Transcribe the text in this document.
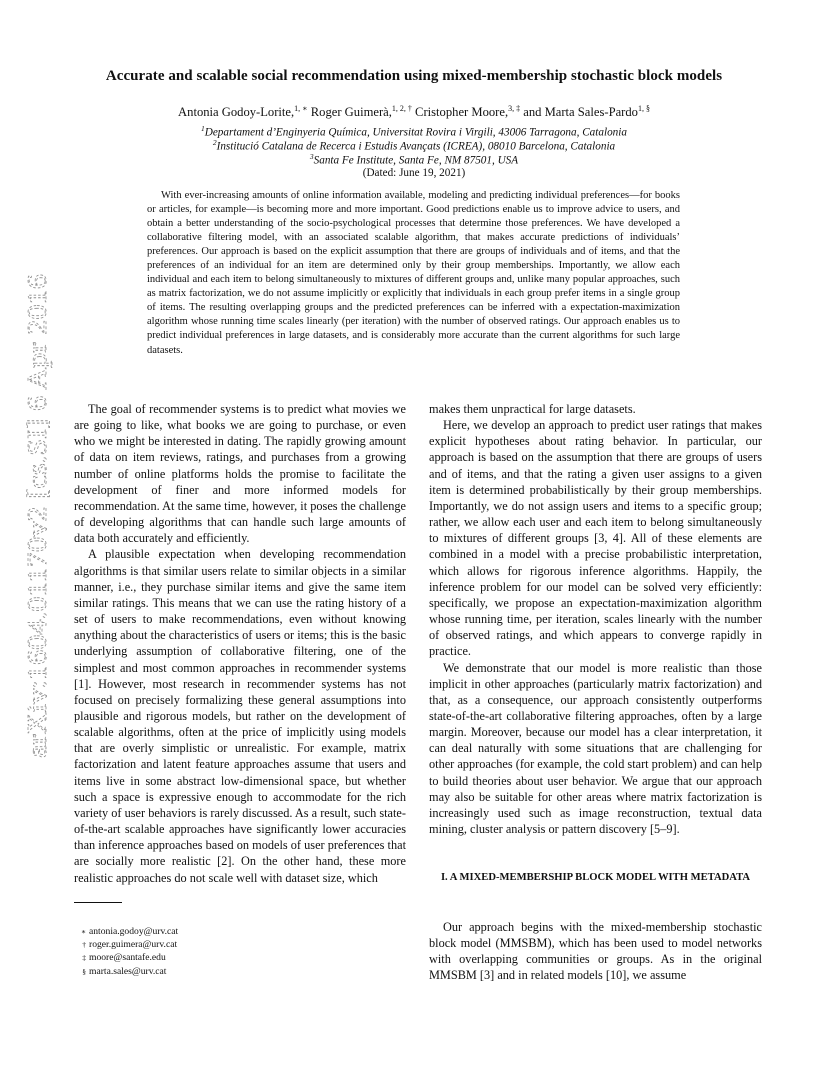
arXiv:1604.01170v2 [cs.SI] 6 Apr 2016
Accurate and scalable social recommendation using mixed-membership stochastic block models
Antonia Godoy-Lorite,$^{1, ∗}$ Roger Guimerà,$^{1, 2, \dagger}$ Cristopher Moore,$^{3, \ddagger}$ and Marta Sales-Pardo$^{1, \S}$
$^1$Departament d’Enginyeria Química, Universitat Rovira i Virgili, 43006 Tarragona, Catalonia
$^2$Institució Catalana de Recerca i Estudis Avançats (ICREA), 08010 Barcelona, Catalonia
$^3$Santa Fe Institute, Santa Fe, NM 87501, USA
(Dated: June 19, 2021)

With ever-increasing amounts of online information available, modeling and predicting individual preferences—for books or articles, for example—is becoming more and more important. Good predictions enable us to improve advice to users, and obtain a better understanding of the socio-psychological processes that determine those preferences. We have developed a collaborative filtering model, with an associated scalable algorithm, that makes accurate predictions of individuals’ preferences. Our approach is based on the explicit assumption that there are groups of individuals and of items, and that the preferences of an individual for an item are determined only by their group memberships. Importantly, we allow each individual and each item to belong simultaneously to mixtures of different groups and, unlike many popular approaches, such as matrix factorization, we do not assume implicitly or explicitly that individuals in each group prefer items in a single group of items. The resulting overlapping groups and the predicted preferences can be inferred with a expectation-maximization algorithm whose running time scales linearly (per iteration) with the number of observed ratings. Our approach enables us to predict individual preferences in large datasets, and is considerably more accurate than the current algorithms for such large datasets.

The goal of recommender systems is to predict what movies we are going to like, what books we are going to purchase, or even who we might be interested in dating. The rapidly growing amount of data on item reviews, ratings, and purchases from a growing number of online platforms holds the promise to facilitate the development of finer and more informed models for recommendation. At the same time, however, it poses the challenge of developing algorithms that can handle such large amounts of data both accurately and efficiently.

A plausible expectation when developing recommendation algorithms is that similar users relate to similar objects in a similar manner, i.e., they purchase similar items and give the same item similar ratings. This means that we can use the rating history of a set of users to make recommendations, even without knowing anything about the characteristics of users or items; this is the basic underlying assumption of collaborative filtering, one of the simplest and most common approaches in recommender systems [1]. However, most research in recommender systems has not focused on precisely formalizing these general assumptions into plausible and rigorous models, but rather on the development of scalable algorithms, often at the price of implicitly using models that are overly simplistic or unrealistic. For example, matrix factorization and latent feature approaches assume that users and items live in some abstract low-dimensional space, but whether such a space is expressive enough to accommodate for the rich variety of user behaviors is rarely discussed. As a result, such state-of-the-art scalable approaches have significantly lower accuracies than inference approaches based on models of user preferences that are socially more realistic [2]. On the other hand, these more realistic approaches do not scale well with dataset size, which

makes them unpractical for large datasets.

Here, we develop an approach to predict user ratings that makes explicit hypotheses about rating behavior. In particular, our approach is based on the assumption that there are groups of users and of items, and that the rating a given user assigns to a given item is determined probabilistically by their group memberships. Importantly, we do not assign users and items to a specific group; rather, we allow each user and each item to belong simultaneously to mixtures of different groups [3, 4]. All of these elements are combined in a model with a precise probabilistic interpretation, which allows for rigorous inference algorithms. Happily, the inference problem for our model can be solved very efficiently: specifically, we propose an expectation-maximization algorithm whose running time, per iteration, scales linearly with the number of observed ratings, and which appears to converge rapidly in practice.

We demonstrate that our model is more realistic than those implicit in other approaches (particularly matrix factorization) and that, as a consequence, our approach consistently outperforms state-of-the-art collaborative filtering approaches, often by a large margin. Moreover, because our model has a clear interpretation, it can deal naturally with some situations that are challenging for other approaches (for example, the cold start problem) and can help to build theories about user behavior. We argue that our approach may also be suitable for other areas where matrix factorization is increasingly used such as image reconstruction, textual data mining, cluster analysis or pattern discovery [5–9].

I. A MIXED-MEMBERSHIP BLOCK MODEL WITH METADATA

Our approach begins with the mixed-membership stochastic block model (MMSBM), which has been used to model networks with overlapping communities or groups. As in the original MMSBM [3] and in related models [10], we assume

∗ antonia.godoy@urv.cat
† roger.guimera@urv.cat
‡ moore@santafe.edu
§ marta.sales@urv.cat
